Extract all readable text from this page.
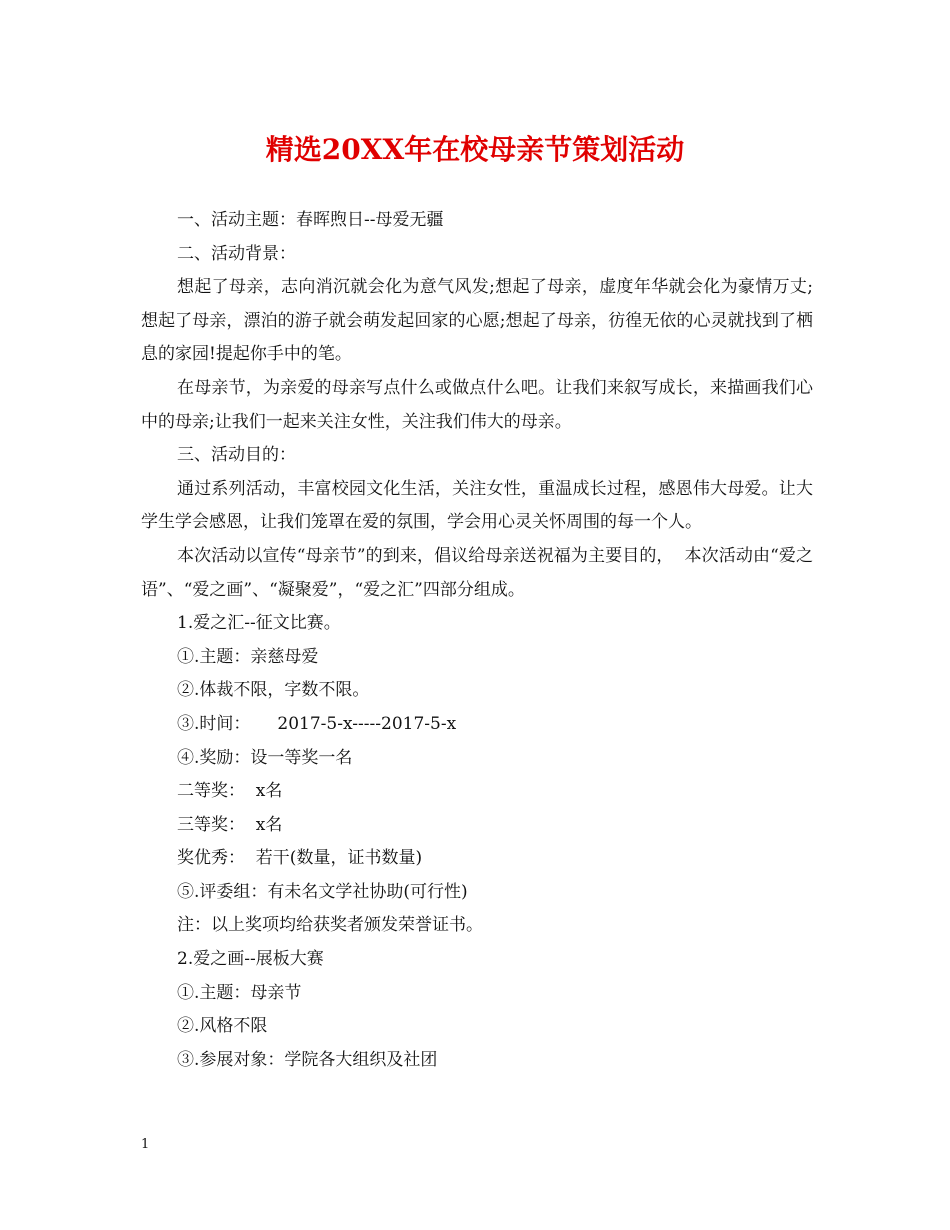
精选20XX年在校母亲节策划活动

一、活动主题：春晖煦日--母爱无疆

二、活动背景：

想起了母亲，志向消沉就会化为意气风发;想起了母亲，虚度年华就会化为豪情万丈;想起了母亲，漂泊的游子就会萌发起回家的心愿;想起了母亲，彷徨无依的心灵就找到了栖息的家园!提起你手中的笔。

在母亲节，为亲爱的母亲写点什么或做点什么吧。让我们来叙写成长，来描画我们心中的母亲;让我们一起来关注女性，关注我们伟大的母亲。

三、活动目的：

通过系列活动，丰富校园文化生活，关注女性，重温成长过程，感恩伟大母爱。让大学生学会感恩，让我们笼罩在爱的氛围，学会用心灵关怀周围的每一个人。

本次活动以宣传“母亲节”的到来，倡议给母亲送祝福为主要目的，  本次活动由“爱之语”、“爱之画”、“凝聚爱”，“爱之汇”四部分组成。

1.爱之汇--征文比赛。

①.主题：亲慈母爱

②.体裁不限，字数不限。

③.时间：     2017-5-x-----2017-5-x

④.奖励：设一等奖一名

二等奖：  x名

三等奖：  x名

奖优秀：  若干(数量，证书数量)

⑤.评委组：有未名文学社协助(可行性)

注：以上奖项均给获奖者颁发荣誉证书。

2.爱之画--展板大赛

①.主题：母亲节

②.风格不限

③.参展对象：学院各大组织及社团

1
